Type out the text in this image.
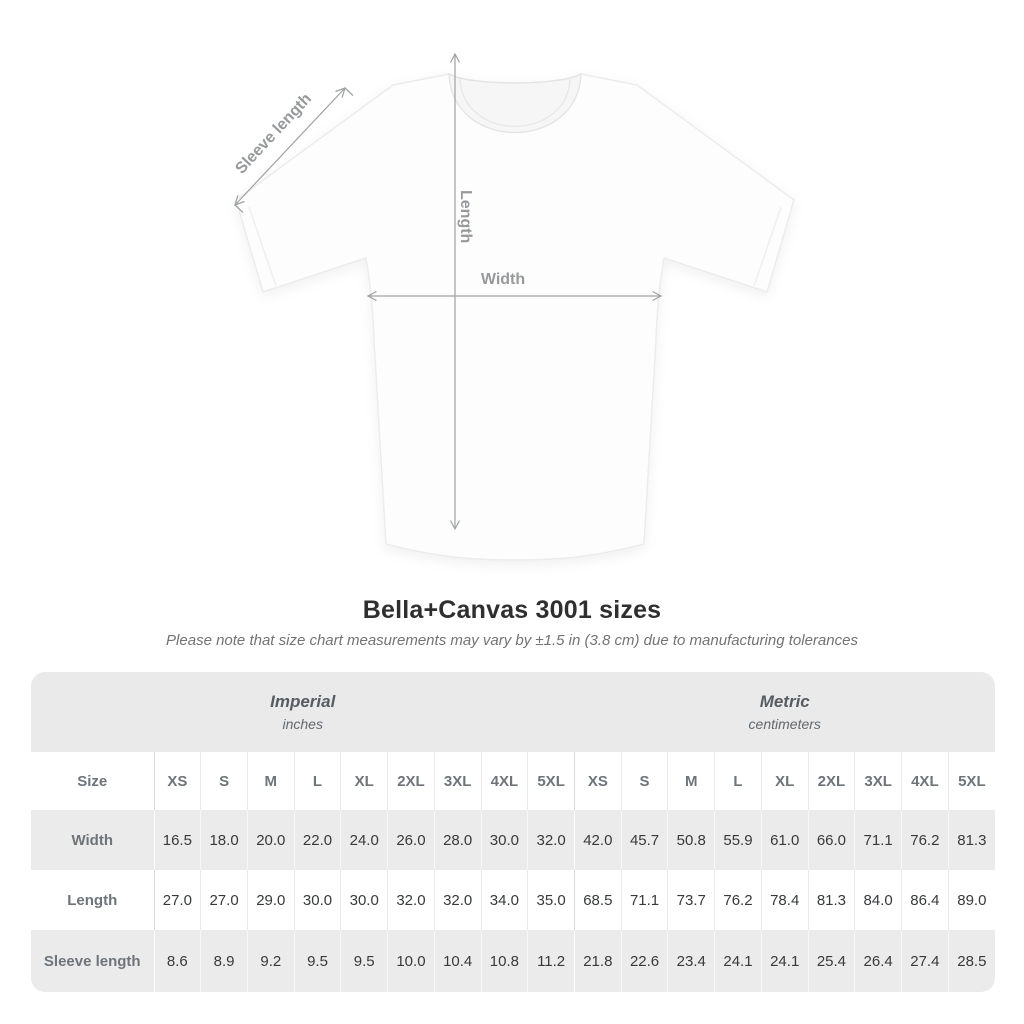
Length
Width
Sleeve length
Bella+Canvas 3001 sizes
Please note that size chart measurements may vary by ±1.5 in (3.8 cm) due to manufacturing tolerances
Imperial
inches

Metric
centimeters

Size	XS	S	M	L	XL	2XL	3XL	4XL	5XL	XS	S	M	L	XL	2XL	3XL	4XL	5XL
Width	16.5	18.0	20.0	22.0	24.0	26.0	28.0	30.0	32.0	42.0	45.7	50.8	55.9	61.0	66.0	71.1	76.2	81.3
Length	27.0	27.0	29.0	30.0	30.0	32.0	32.0	34.0	35.0	68.5	71.1	73.7	76.2	78.4	81.3	84.0	86.4	89.0
Sleeve length	8.6	8.9	9.2	9.5	9.5	10.0	10.4	10.8	11.2	21.8	22.6	23.4	24.1	24.1	25.4	26.4	27.4	28.5
